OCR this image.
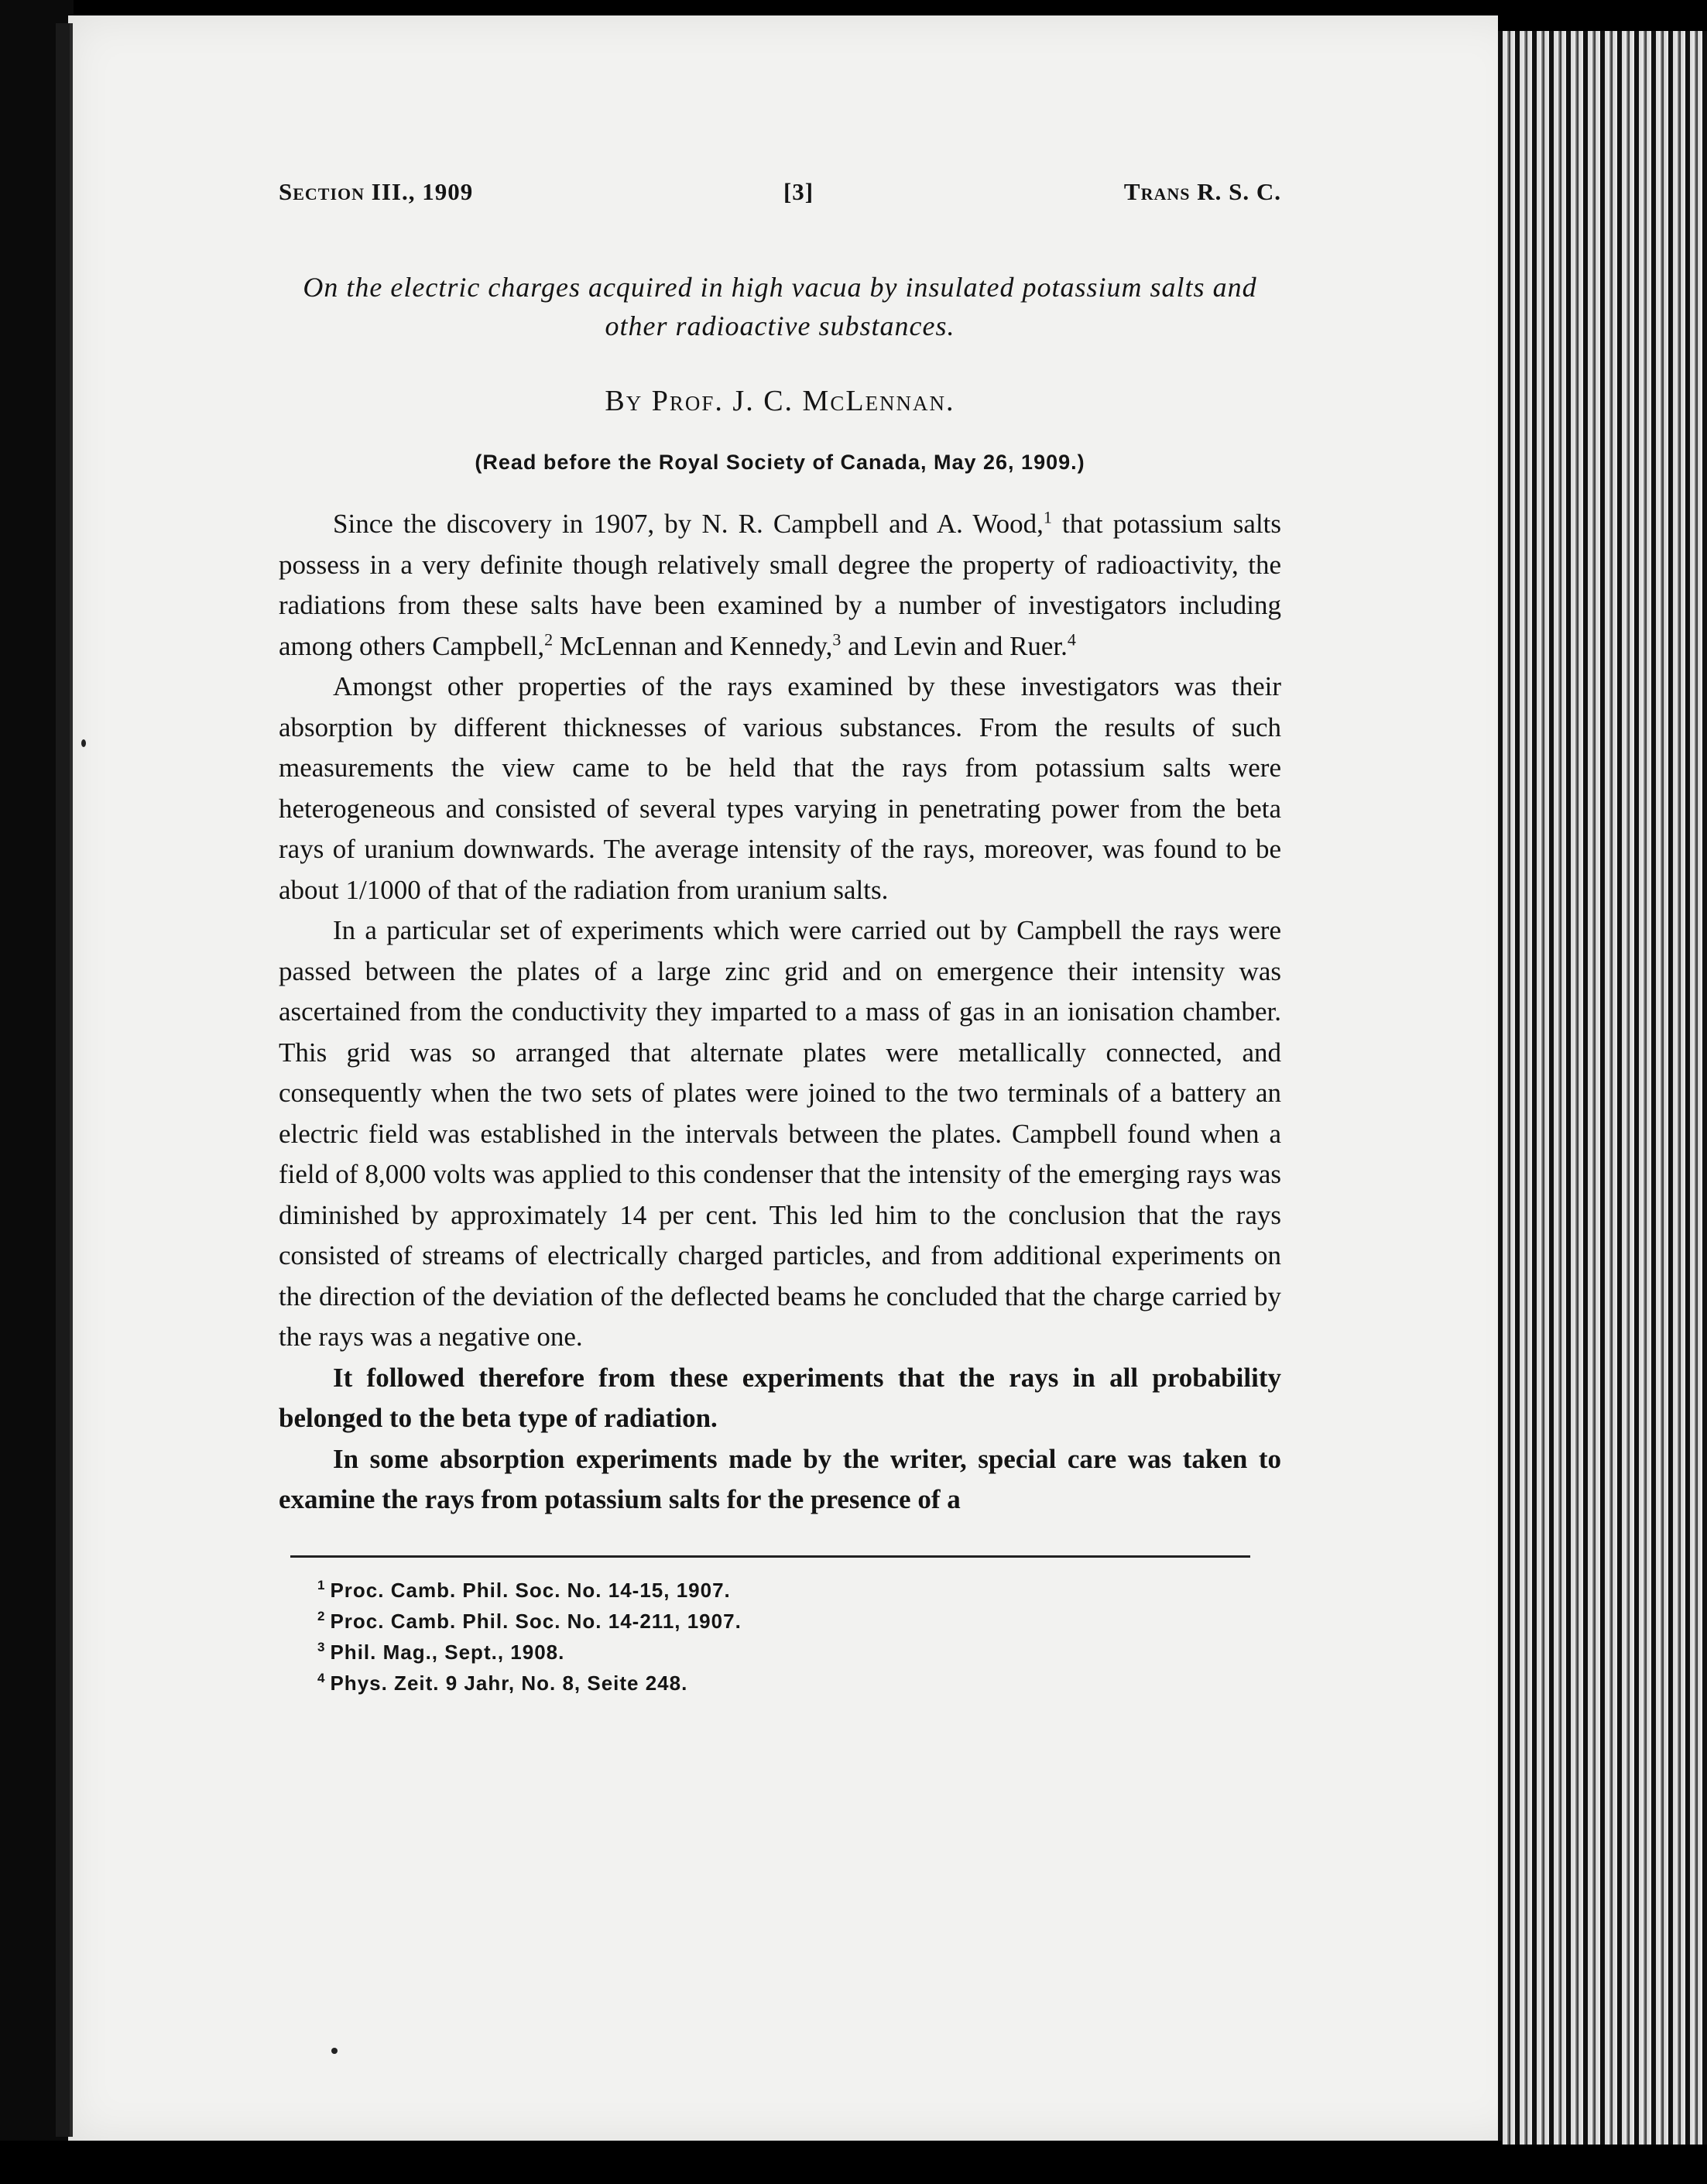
Section III., 1909	[3]	Trans R. S. C.
On the electric charges acquired in high vacua by insulated potassium salts and other radioactive substances.
By Prof. J. C. McLennan.
(Read before the Royal Society of Canada, May 26, 1909.)

Since the discovery in 1907, by N. R. Campbell and A. Wood,$^1$ that potassium salts possess in a very definite though relatively small degree the property of radioactivity, the radiations from these salts have been examined by a number of investigators including among others Campbell,$^2$ McLennan and Kennedy,$^3$ and Levin and Ruer.$^4$

Amongst other properties of the rays examined by these investigators was their absorption by different thicknesses of various substances. From the results of such measurements the view came to be held that the rays from potassium salts were heterogeneous and consisted of several types varying in penetrating power from the beta rays of uranium downwards. The average intensity of the rays, moreover, was found to be about 1/1000 of that of the radiation from uranium salts.

In a particular set of experiments which were carried out by Campbell the rays were passed between the plates of a large zinc grid and on emergence their intensity was ascertained from the conductivity they imparted to a mass of gas in an ionisation chamber. This grid was so arranged that alternate plates were metallically connected, and consequently when the two sets of plates were joined to the two terminals of a battery an electric field was established in the intervals between the plates. Campbell found when a field of 8,000 volts was applied to this condenser that the intensity of the emerging rays was diminished by approximately 14 per cent. This led him to the conclusion that the rays consisted of streams of electrically charged particles, and from additional experiments on the direction of the deviation of the deflected beams he concluded that the charge carried by the rays was a negative one.

It followed therefore from these experiments that the rays in all probability belonged to the beta type of radiation.

In some absorption experiments made by the writer, special care was taken to examine the rays from potassium salts for the presence of a

$^1$ Proc. Camb. Phil. Soc. No. 14-15, 1907.
$^2$ Proc. Camb. Phil. Soc. No. 14-211, 1907.
$^3$ Phil. Mag., Sept., 1908.
$^4$ Phys. Zeit. 9 Jahr, No. 8, Seite 248.
